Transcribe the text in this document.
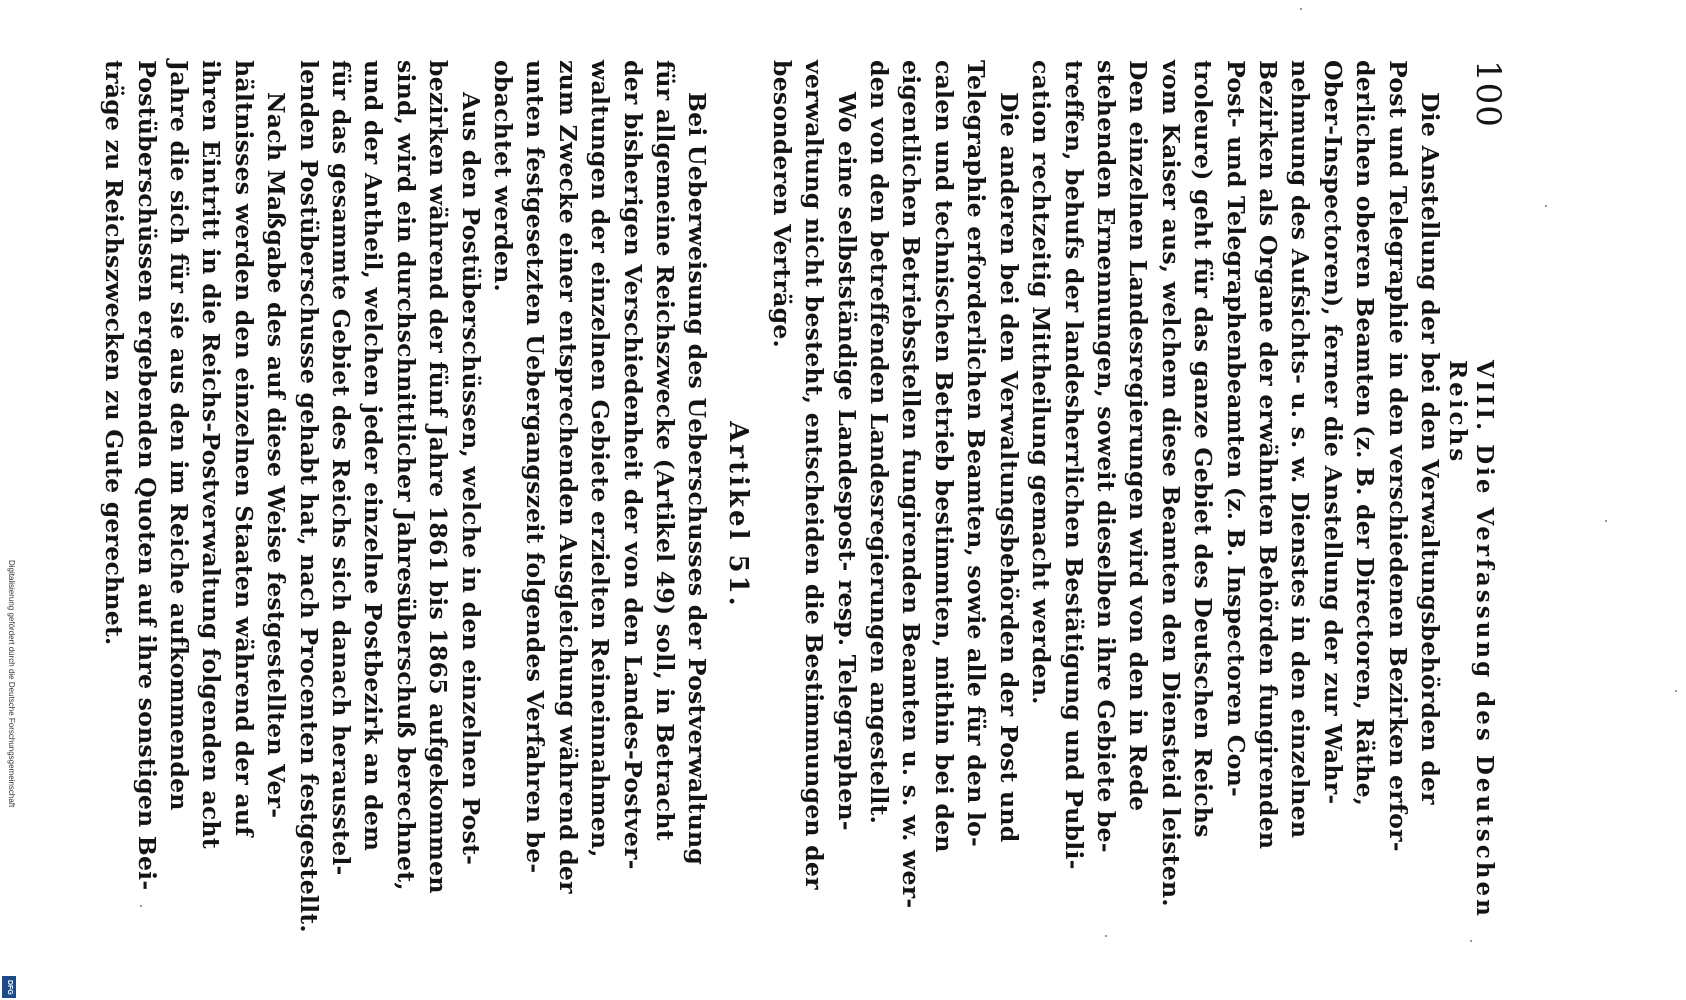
100
VIII. Die Verfassung des Deutschen Reichs

Die Anstellung der bei den Verwaltungsbehörden der
Post und Telegraphie in den verschiedenen Bezirken erfor-
derlichen oberen Beamten (z. B. der Directoren, Räthe,
Ober-Inspectoren), ferner die Anstellung der zur Wahr-
nehmung des Aufsichts- u. s. w. Dienstes in den einzelnen
Bezirken als Organe der erwähnten Behörden fungirenden
Post- und Telegraphenbeamten (z. B. Inspectoren Con-
troleure) geht für das ganze Gebiet des Deutschen Reichs
vom Kaiser aus, welchem diese Beamten den Diensteid leisten.
Den einzelnen Landesregierungen wird von den in Rede
stehenden Ernennungen, soweit dieselben ihre Gebiete be-
treffen, behufs der landesherrlichen Bestätigung und Publi-
cation rechtzeitig Mittheilung gemacht werden.

Die anderen bei den Verwaltungsbehörden der Post und
Telegraphie erforderlichen Beamten, sowie alle für den lo-
calen und technischen Betrieb bestimmten, mithin bei den
eigentlichen Betriebsstellen fungirenden Beamten u. s. w. wer-
den von den betreffenden Landesregierungen angestellt.

Wo eine selbstständige Landespost- resp. Telegraphen-
verwaltung nicht besteht, entscheiden die Bestimmungen der
besonderen Verträge.

Artikel 51.

Bei Ueberweisung des Ueberschusses der Postverwaltung
für allgemeine Reichszwecke (Artikel 49) soll, in Betracht
der bisherigen Verschiedenheit der von den Landes-Postver-
waltungen der einzelnen Gebiete erzielten Reineinnahmen,
zum Zwecke einer entsprechenden Ausgleichung während der
unten festgesetzten Uebergangszeit folgendes Verfahren be-
obachtet werden.

Aus den Postüberschüssen, welche in den einzelnen Post-
bezirken während der fünf Jahre 1861 bis 1865 aufgekommen
sind, wird ein durchschnittlicher Jahresüberschuß berechnet,
und der Antheil, welchen jeder einzelne Postbezirk an dem
für das gesammte Gebiet des Reichs sich danach herausstel-
lenden Postüberschusse gehabt hat, nach Procenten festgestellt.

Nach Maßgabe des auf diese Weise festgestellten Ver-
hältnisses werden den einzelnen Staaten während der auf
ihren Eintritt in die Reichs-Postverwaltung folgenden acht
Jahre die sich für sie aus den im Reiche aufkommenden
Postüberschüssen ergebenden Quoten auf ihre sonstigen Bei-
träge zu Reichszwecken zu Gute gerechnet.

Digitalisierung gefördert durch die Deutsche Forschungsgemeinschaft
DFG
